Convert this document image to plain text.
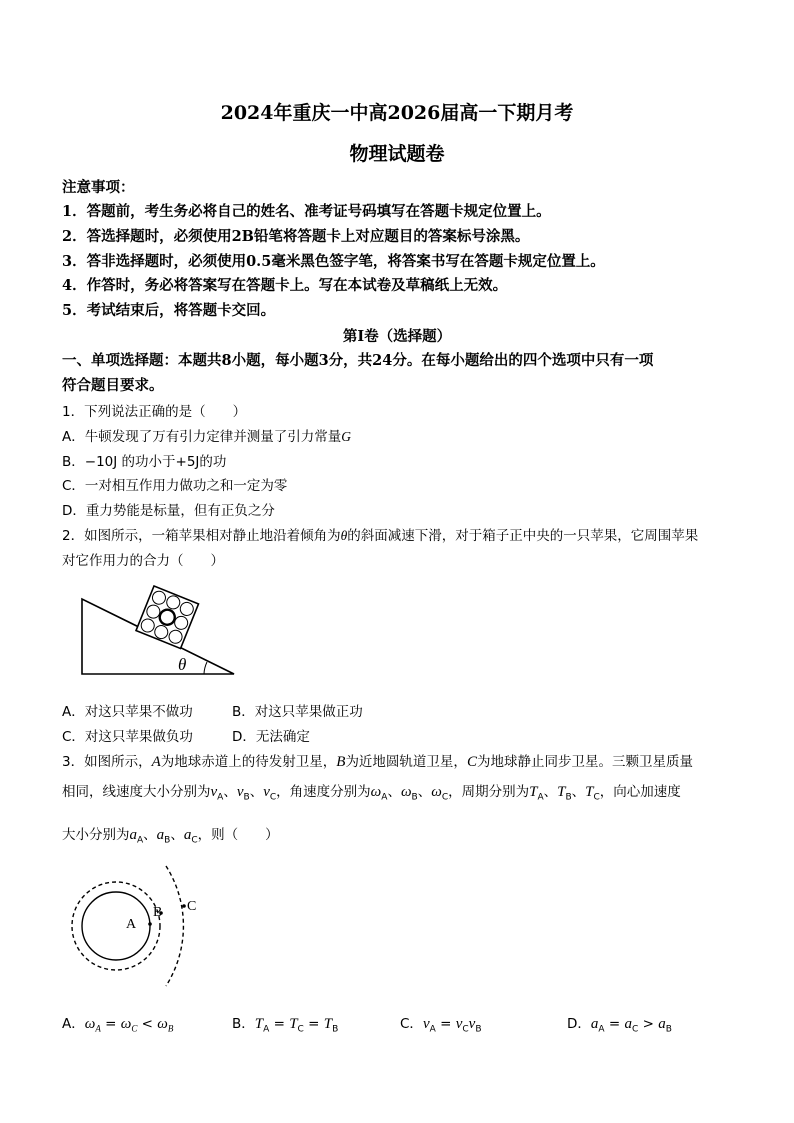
2024年重庆一中高2026届高一下期月考
物理试题卷
注意事项：
1．答题前，考生务必将自己的姓名、准考证号码填写在答题卡规定位置上。
2．答选择题时，必须使用2B铅笔将答题卡上对应题目的答案标号涂黑。
3．答非选择题时，必须使用0.5毫米黑色签字笔，将答案书写在答题卡规定位置上。
4．作答时，务必将答案写在答题卡上。写在本试卷及草稿纸上无效。
5．考试结束后，将答题卡交回。
第Ⅰ卷（选择题）
一、单项选择题：本题共8小题，每小题3分，共24分。在每小题给出的四个选项中只有一项
符合题目要求。
1．下列说法正确的是（　　）
A．牛顿发现了万有引力定律并测量了引力常量G
B．−10J 的功小于+5J的功
C．一对相互作用力做功之和一定为零
D．重力势能是标量，但有正负之分
2．如图所示，一箱苹果相对静止地沿着倾角为θ的斜面减速下滑，对于箱子正中央的一只苹果，它周围苹果
对它作用力的合力（　　）
θ
A．对这只苹果不做功	B．对这只苹果做正功
C．对这只苹果做负功	D．无法确定
3．如图所示，A为地球赤道上的待发射卫星，B为近地圆轨道卫星，C为地球静止同步卫星。三颗卫星质量
相同，线速度大小分别为$v_A$、$v_B$、$v_C$，角速度分别为$\omega_A$、$\omega_B$、$\omega_C$，周期分别为$T_A$、$T_B$、$T_C$，向心加速度
大小分别为$a_A$、$a_B$、$a_C$，则（　　）
A
B C
A．$\omega_A = \omega_C < \omega_B$	B．$T_A = T_C = T_B$	C．$v_A = v_Cv_B$	D．$a_A = a_C > a_B$
